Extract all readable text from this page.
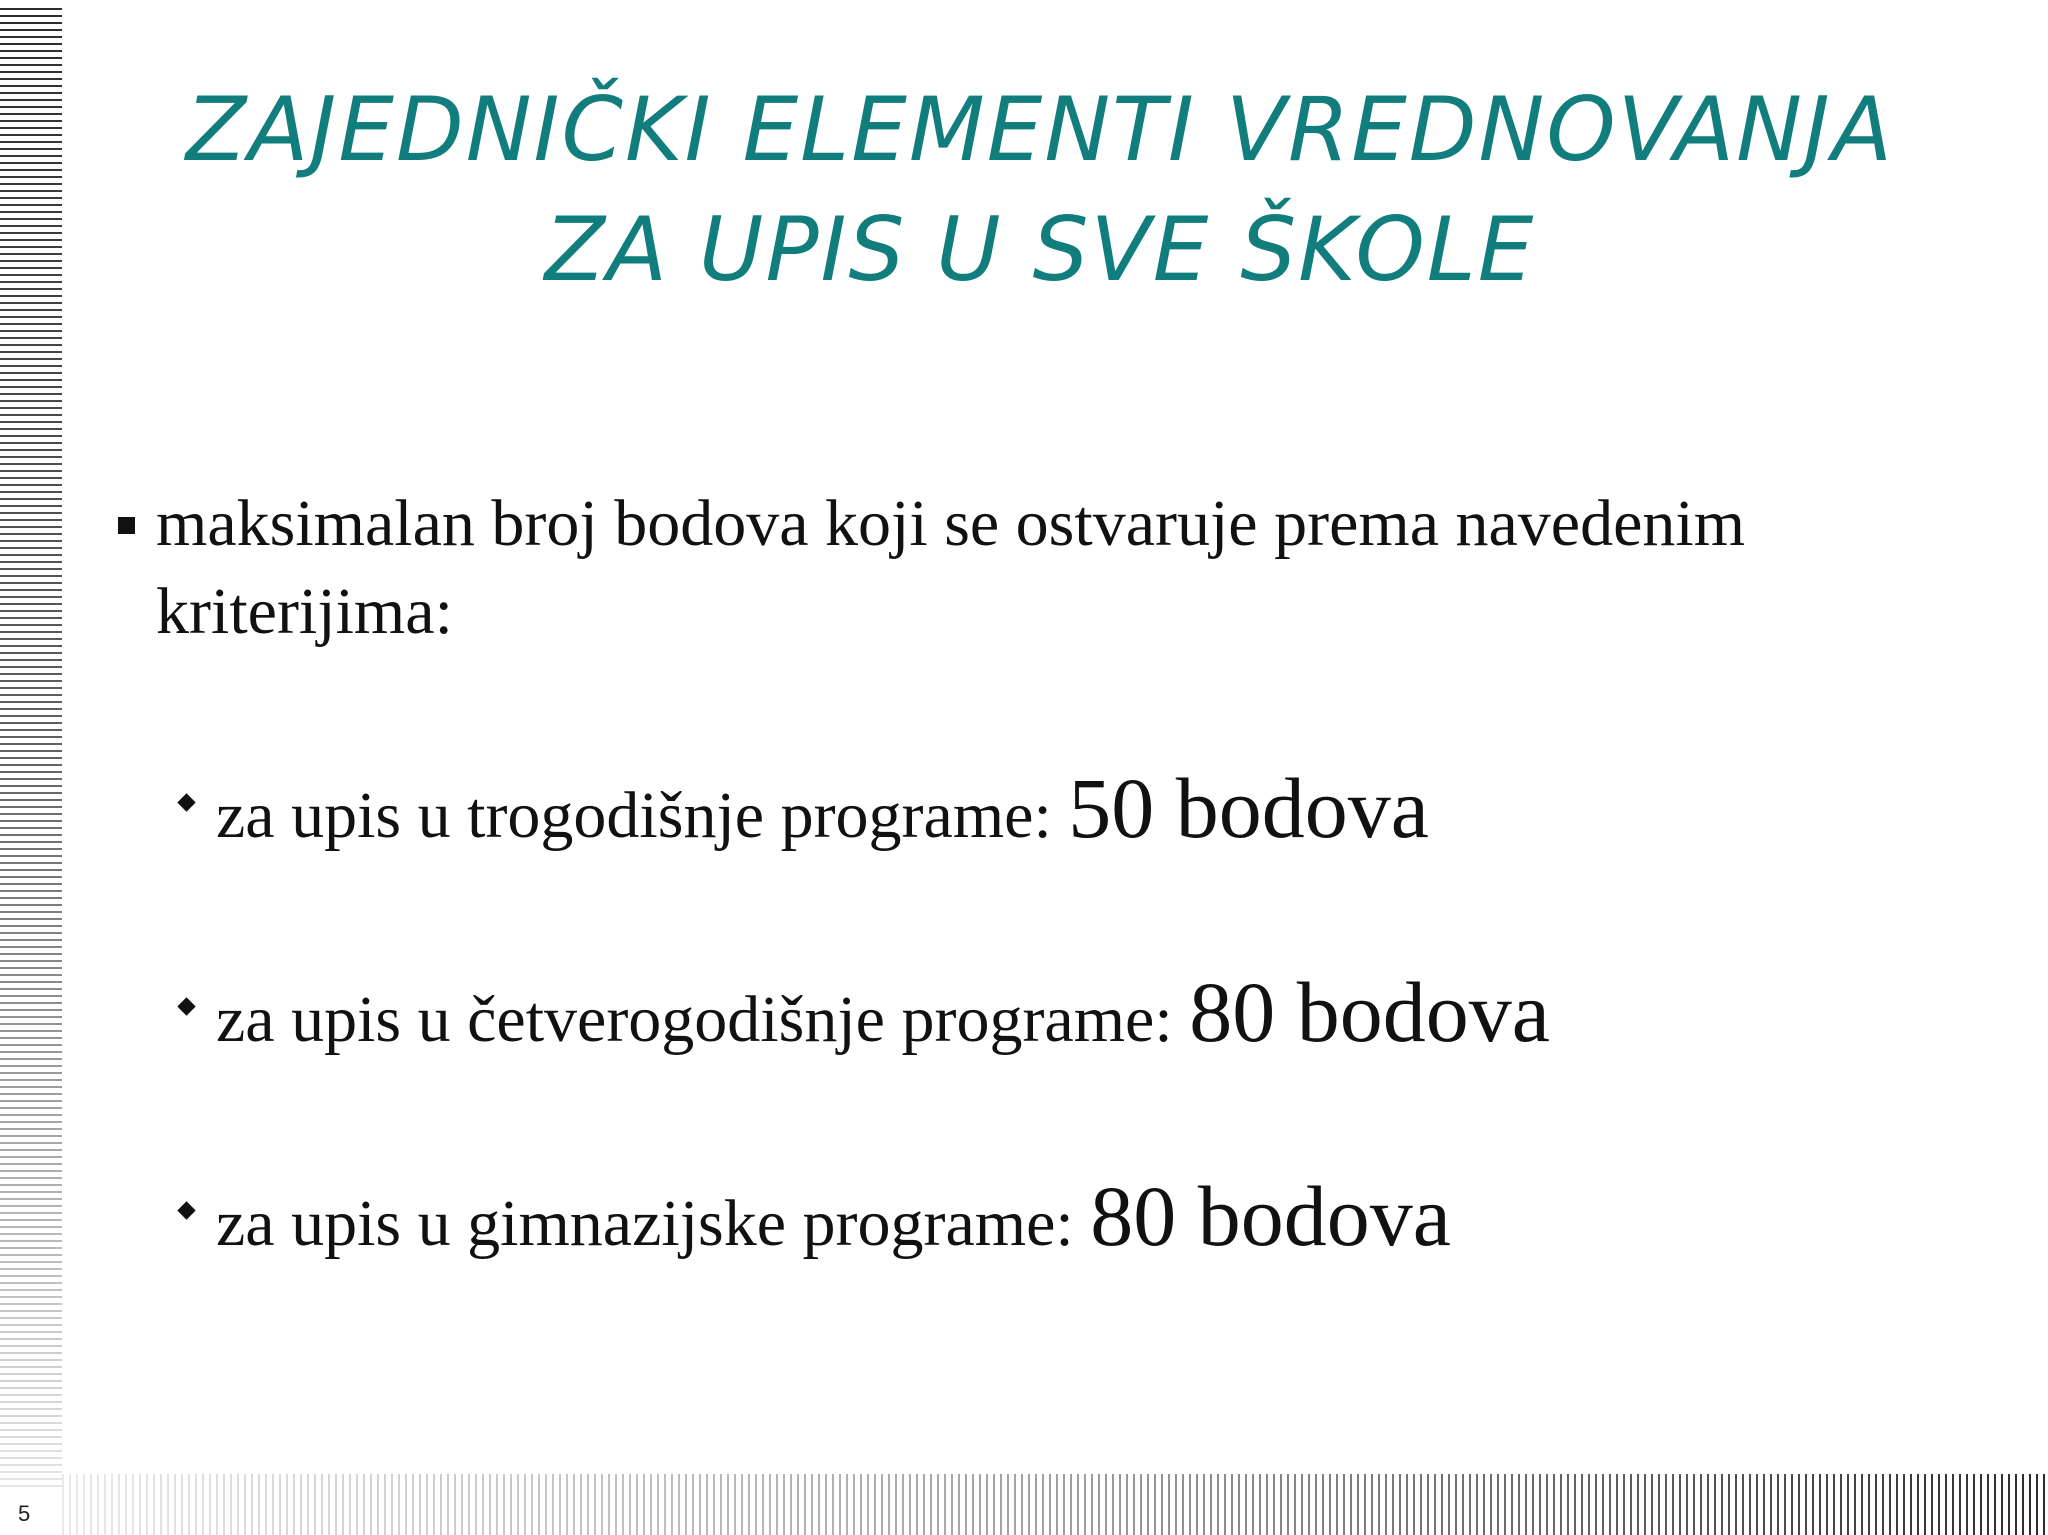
5
ZAJEDNIČKI ELEMENTI VREDNOVANJA
ZA UPIS U SVE ŠKOLE
maksimalan broj bodova koji se ostvaruje prema navedenim kriterijima:
za upis u trogodišnje programe: 50 bodova
za upis u četverogodišnje programe: 80 bodova
za upis u gimnazijske programe: 80 bodova
